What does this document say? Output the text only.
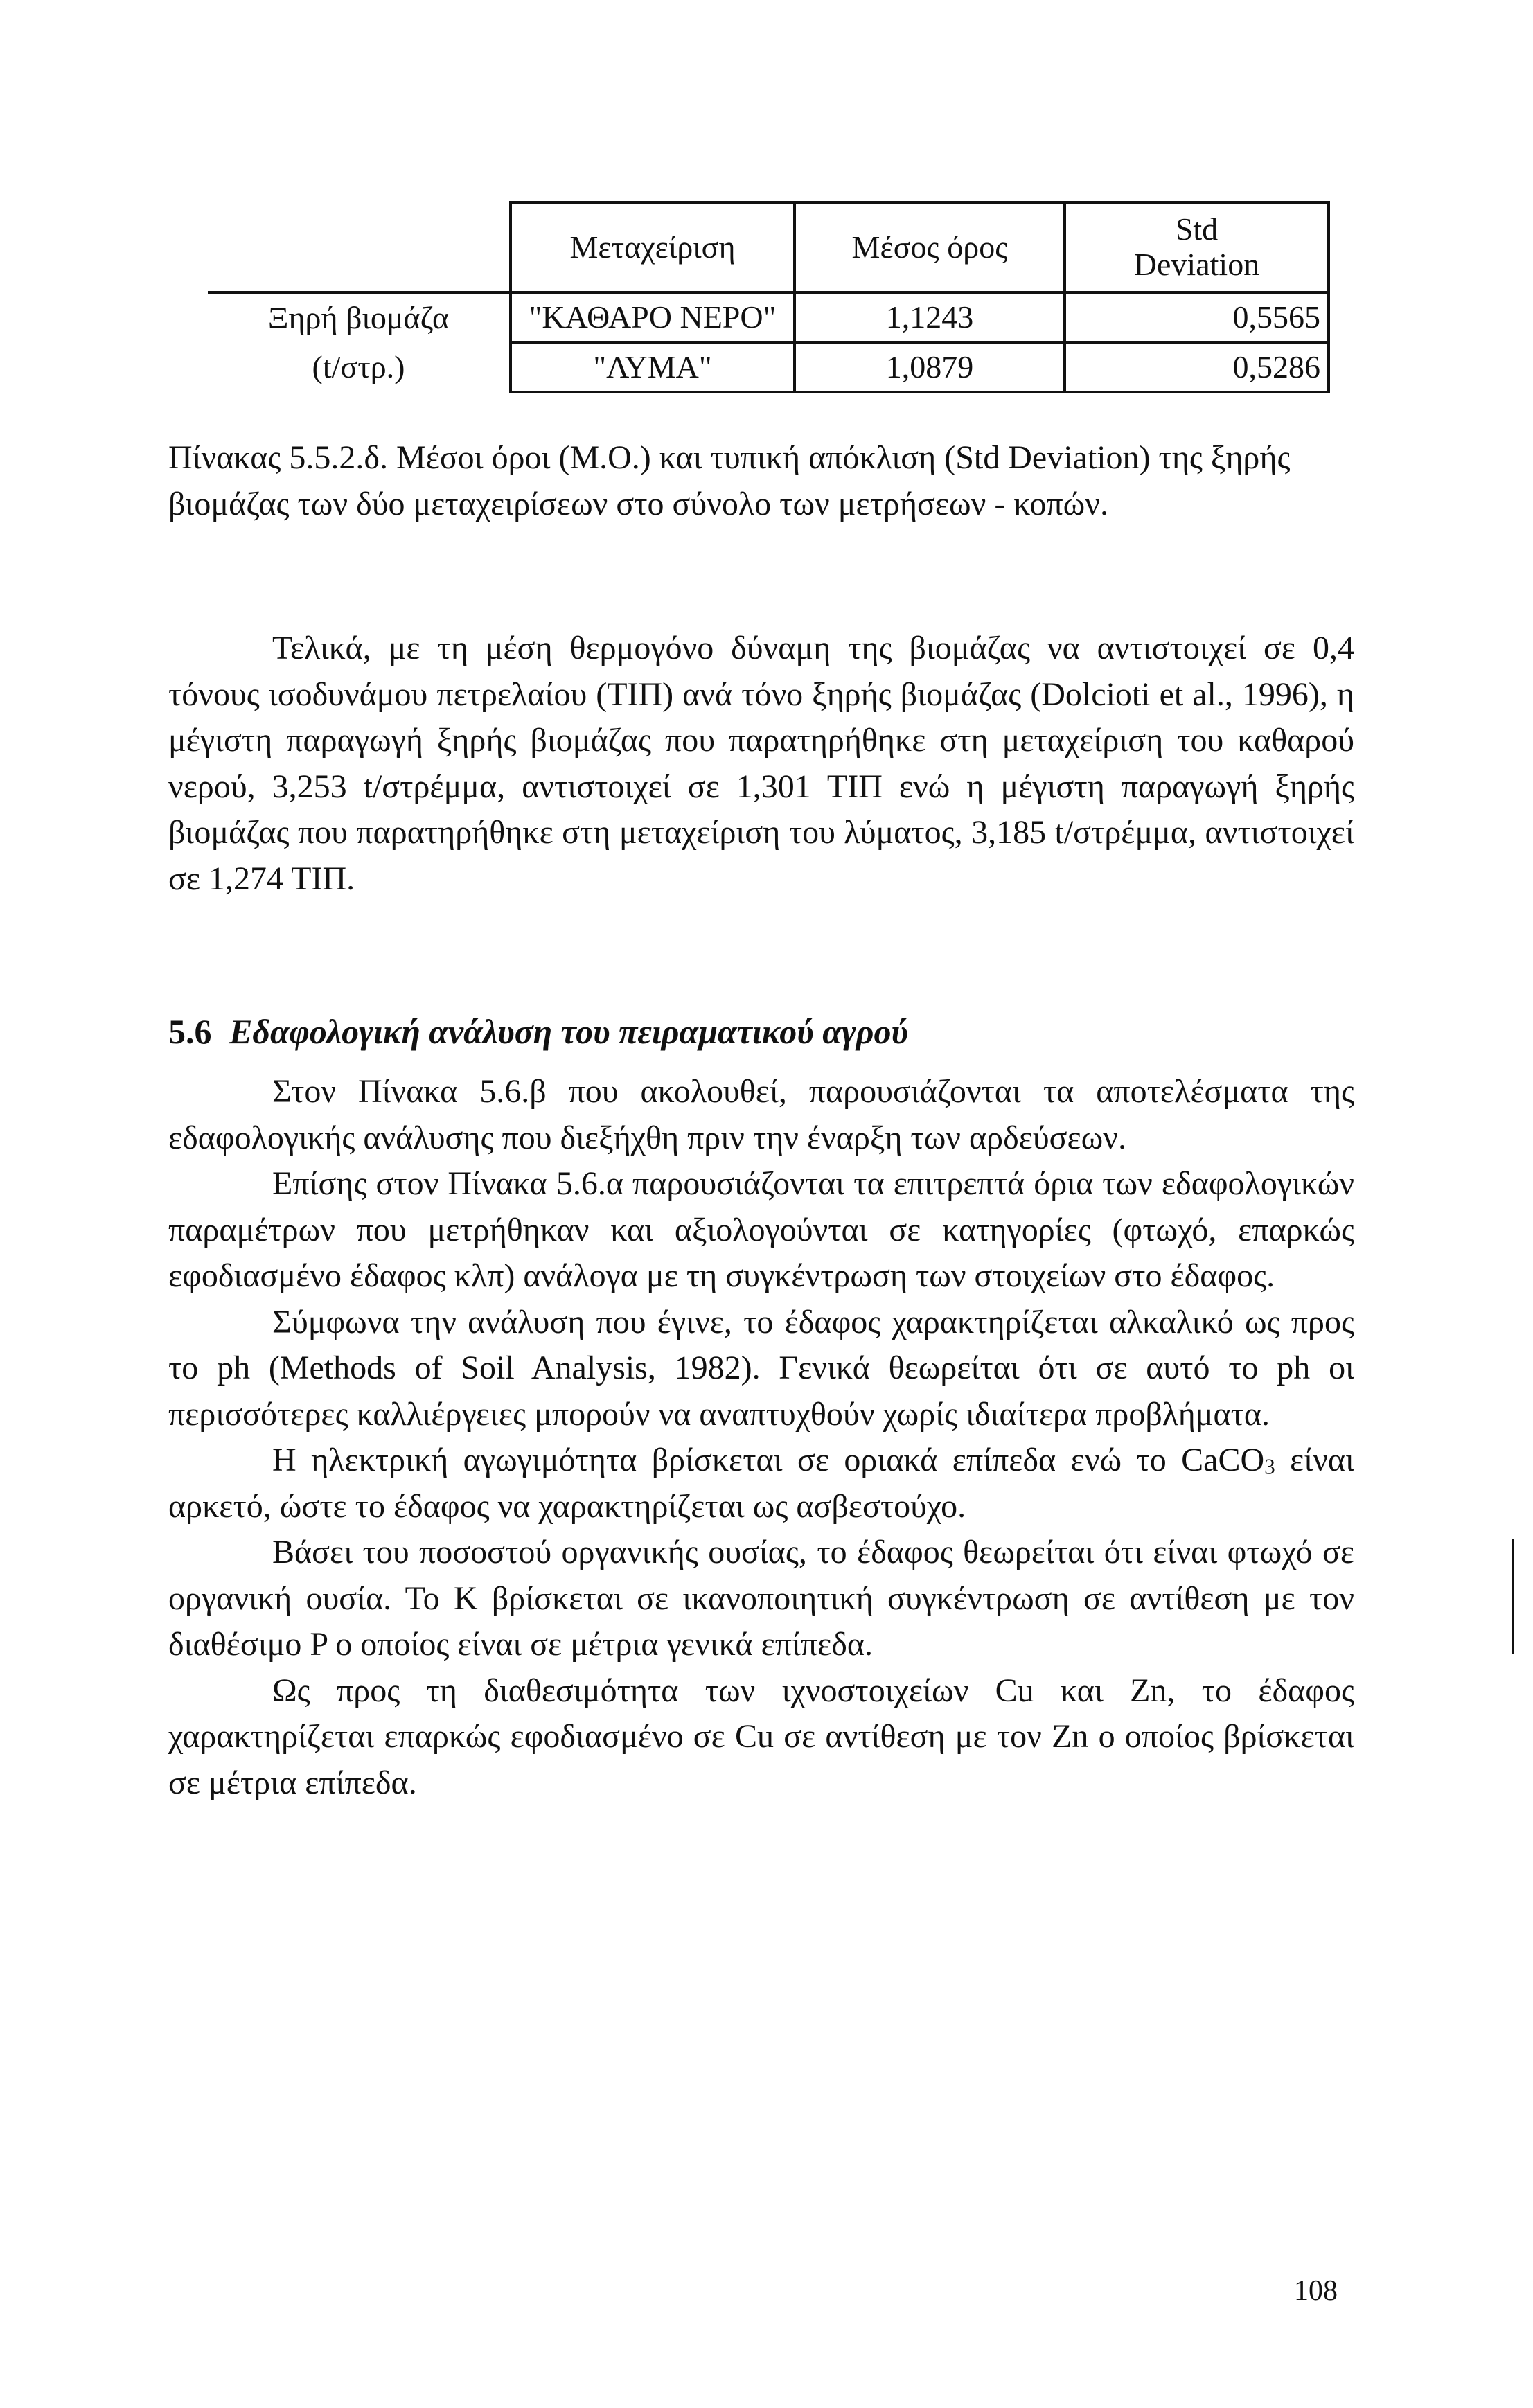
	Μεταχείριση	Μέσος όρος	Std
Deviation

Ξηρή βιομάζα	"ΚΑΘΑΡΟ ΝΕΡΟ"	1,1243	0,5565
(t/στρ.)	"ΛΥΜΑ"	1,0879	0,5286

Πίνακας 5.5.2.δ. Μέσοι όροι (Μ.Ο.) και τυπική απόκλιση (Std Deviation) της ξηρής βιομάζας των δύο μεταχειρίσεων στο σύνολο των μετρήσεων - κοπών.

Τελικά, με τη μέση θερμογόνο δύναμη της βιομάζας να αντιστοιχεί σε 0,4 τόνους ισοδυνάμου πετρελαίου (ΤΙΠ) ανά τόνο ξηρής βιομάζας (Dolcioti et al., 1996), η μέγιστη παραγωγή ξηρής βιομάζας που παρατηρήθηκε στη μεταχείριση του καθαρού νερού, 3,253 t/στρέμμα, αντιστοιχεί σε 1,301 ΤΙΠ ενώ η μέγιστη παραγωγή ξηρής βιομάζας που παρατηρήθηκε στη μεταχείριση του λύματος, 3,185 t/στρέμμα, αντιστοιχεί σε 1,274 ΤΙΠ.

5.6 Εδαφολογική ανάλυση του πειραματικού αγρού

Στον Πίνακα 5.6.β που ακολουθεί, παρουσιάζονται τα αποτελέσματα της εδαφολογικής ανάλυσης που διεξήχθη πριν την έναρξη των αρδεύσεων.

Επίσης στον Πίνακα 5.6.α παρουσιάζονται τα επιτρεπτά όρια των εδαφολογικών παραμέτρων που μετρήθηκαν και αξιολογούνται σε κατηγορίες (φτωχό, επαρκώς εφοδιασμένο έδαφος κλπ) ανάλογα με τη συγκέντρωση των στοιχείων στο έδαφος.

Σύμφωνα την ανάλυση που έγινε, το έδαφος χαρακτηρίζεται αλκαλικό ως προς το ph (Methods of Soil Analysis, 1982). Γενικά θεωρείται ότι σε αυτό το ph οι περισσότερες καλλιέργειες μπορούν να αναπτυχθούν χωρίς ιδιαίτερα προβλήματα.

Η ηλεκτρική αγωγιμότητα βρίσκεται σε οριακά επίπεδα ενώ το CaCO$_3$ είναι αρκετό, ώστε το έδαφος να χαρακτηρίζεται ως ασβεστούχο.

Βάσει του ποσοστού οργανικής ουσίας, το έδαφος θεωρείται ότι είναι φτωχό σε οργανική ουσία. Το K βρίσκεται σε ικανοποιητική συγκέντρωση σε αντίθεση με τον διαθέσιμο P ο οποίος είναι σε μέτρια γενικά επίπεδα.

Ως προς τη διαθεσιμότητα των ιχνοστοιχείων Cu και Zn, το έδαφος χαρακτηρίζεται επαρκώς εφοδιασμένο σε Cu σε αντίθεση με τον Zn ο οποίος βρίσκεται σε μέτρια επίπεδα.

108
